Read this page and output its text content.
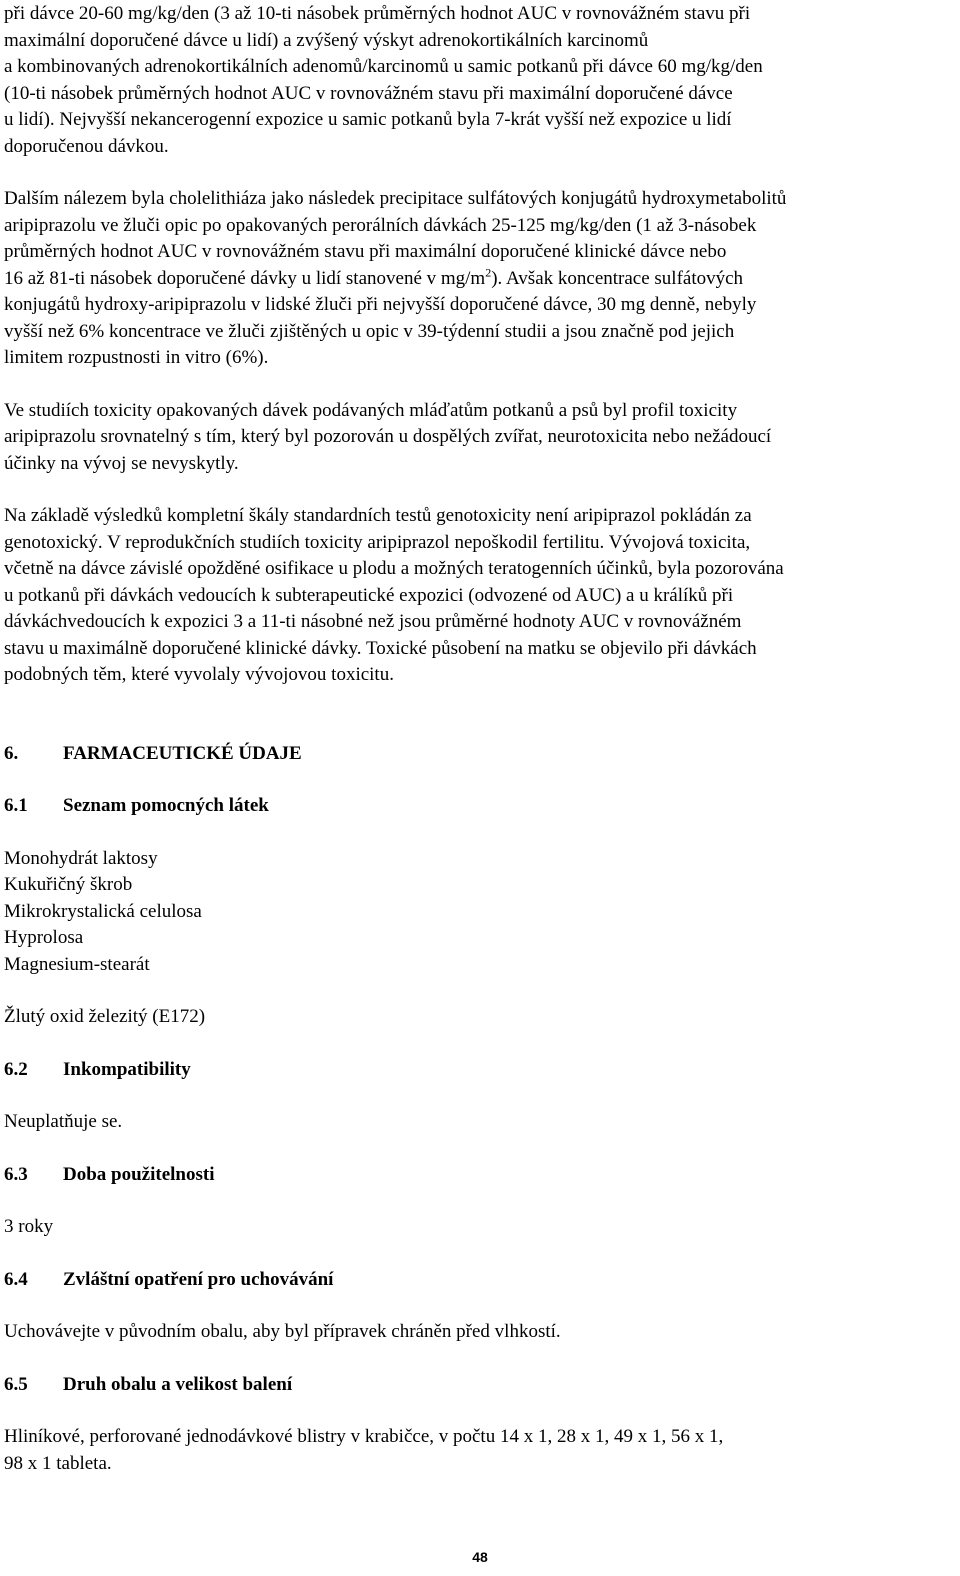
při dávce 20-60 mg/kg/den (3 až 10-ti násobek průměrných hodnot AUC v rovnovážném stavu při
maximální doporučené dávce u lidí) a zvýšený výskyt adrenokortikálních karcinomů
a kombinovaných adrenokortikálních adenomů/karcinomů u samic potkanů při dávce 60 mg/kg/den
(10-ti násobek průměrných hodnot AUC v rovnovážném stavu při maximální doporučené dávce
u lidí). Nejvyšší nekancerogenní expozice u samic potkanů byla 7-krát vyšší než expozice u lidí
doporučenou dávkou.

Dalším nálezem byla cholelithiáza jako následek precipitace sulfátových konjugátů hydroxymetabolitů
aripiprazolu ve žluči opic po opakovaných perorálních dávkách 25-125 mg/kg/den (1 až 3-násobek
průměrných hodnot AUC v rovnovážném stavu při maximální doporučené klinické dávce nebo
16 až 81-ti násobek doporučené dávky u lidí stanovené v $mg/m^2$). Avšak koncentrace sulfátových
konjugátů hydroxy-aripiprazolu v lidské žluči při nejvyšší doporučené dávce, 30 mg denně, nebyly
vyšší než 6% koncentrace ve žluči zjištěných u opic v 39-týdenní studii a jsou značně pod jejich
limitem rozpustnosti in vitro (6%).

Ve studiích toxicity opakovaných dávek podávaných mláďatům potkanů a psů byl profil toxicity
aripiprazolu srovnatelný s tím, který byl pozorován u dospělých zvířat, neurotoxicita nebo nežádoucí
účinky na vývoj se nevyskytly.

Na základě výsledků kompletní škály standardních testů genotoxicity není aripiprazol pokládán za
genotoxický. V reprodukčních studiích toxicity aripiprazol nepoškodil fertilitu. Vývojová toxicita,
včetně na dávce závislé opožděné osifikace u plodu a možných teratogenních účinků, byla pozorována
u potkanů při dávkách vedoucích k subterapeutické expozici (odvozené od AUC) a u králíků při
dávkáchvedoucích k expozici 3 a 11-ti násobné než jsou průměrné hodnoty AUC v rovnovážném
stavu u maximálně doporučené klinické dávky. Toxické působení na matku se objevilo při dávkách
podobných těm, které vyvolaly vývojovou toxicitu.

6.	FARMACEUTICKÉ ÚDAJE
6.1	Seznam pomocných látek
Monohydrát laktosy
Kukuřičný škrob
Mikrokrystalická celulosa
Hyprolosa
Magnesium-stearát

Žlutý oxid železitý (E172)

6.2	Inkompatibility

Neuplatňuje se.

6.3	Doba použitelnosti

3 roky

6.4	Zvláštní opatření pro uchovávání

Uchovávejte v původním obalu, aby byl přípravek chráněn před vlhkostí.

6.5	Druh obalu a velikost balení

Hliníkové, perforované jednodávkové blistry v krabičce, v počtu 14 x 1, 28 x 1, 49 x 1, 56 x 1,
98 x 1 tableta.

48
